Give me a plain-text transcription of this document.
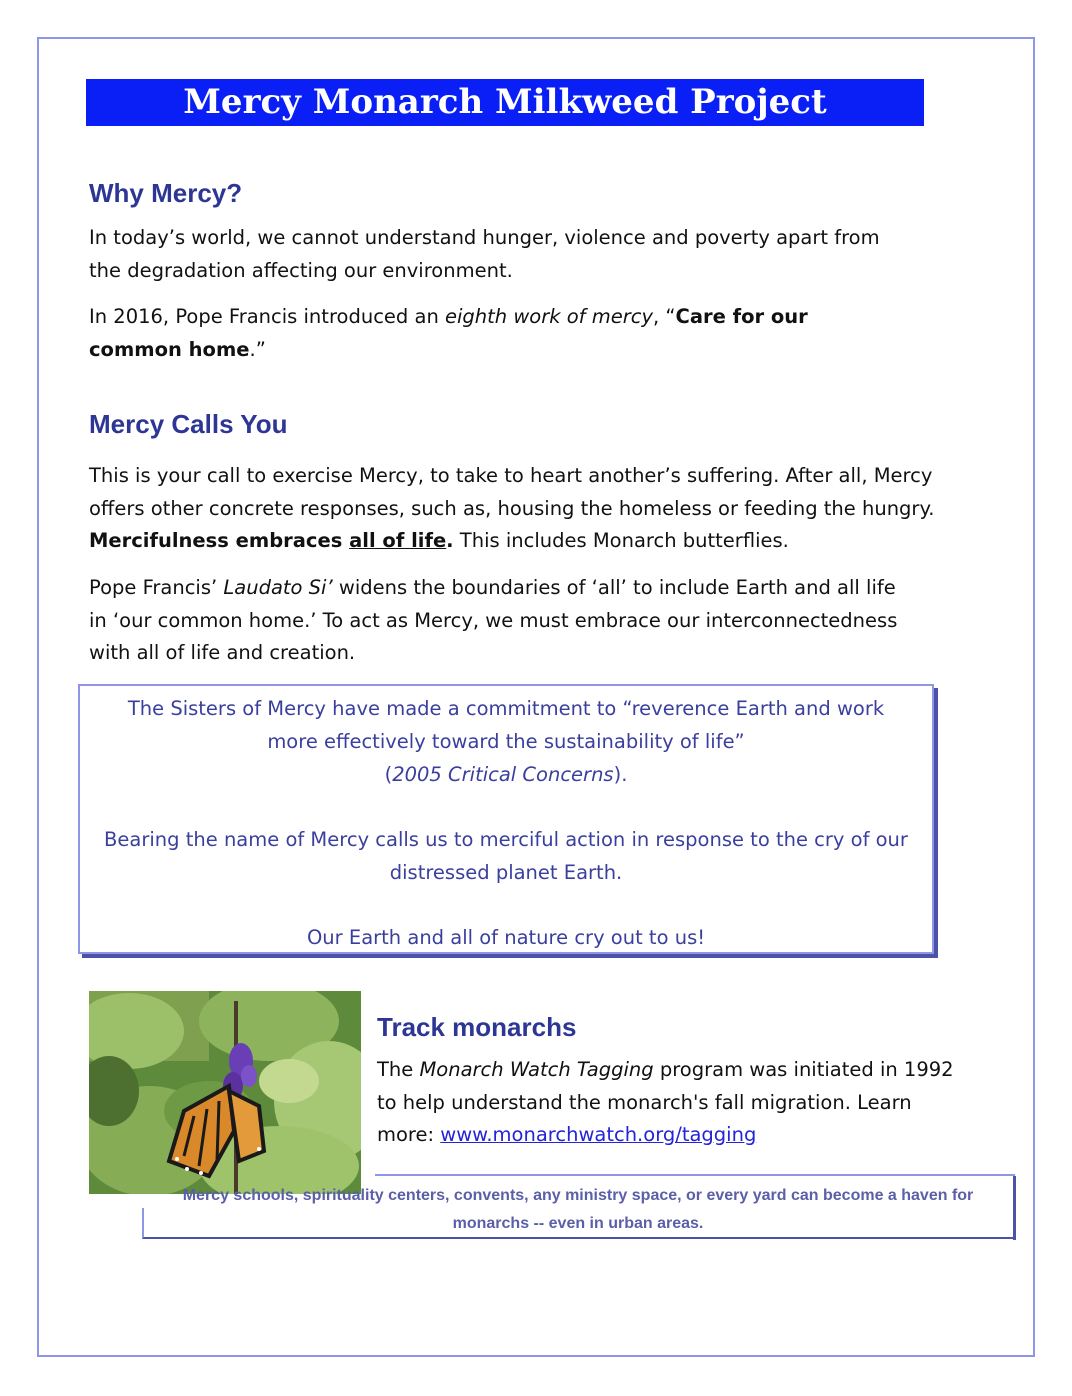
Mercy Monarch Milkweed Project
Why Mercy?

In today’s world, we cannot understand hunger, violence and poverty apart from the degradation affecting our environment.

In 2016, Pope Francis introduced an eighth work of mercy, “Care for our common home.”

Mercy Calls You

This is your call to exercise Mercy, to take to heart another’s suffering. After all, Mercy offers other concrete responses, such as, housing the homeless or feeding the hungry. Mercifulness embraces all of life. This includes Monarch butterflies.

Pope Francis’ Laudato Si’ widens the boundaries of ‘all’ to include Earth and all life in ‘our common home.’ To act as Mercy, we must embrace our interconnectedness with all of life and creation.

The Sisters of Mercy have made a commitment to “reverence Earth and work more effectively toward the sustainability of life”

(2005 Critical Concerns).

Bearing the name of Mercy calls us to merciful action in response to the cry of our distressed planet Earth.

Our Earth and all of nature cry out to us!

Track monarchs

The Monarch Watch Tagging program was initiated in 1992 to help understand the monarch's fall migration. Learn more: www.monarchwatch.org/tagging

Mercy schools, spirituality centers, convents, any ministry space, or every yard can become a haven for monarchs -- even in urban areas.
